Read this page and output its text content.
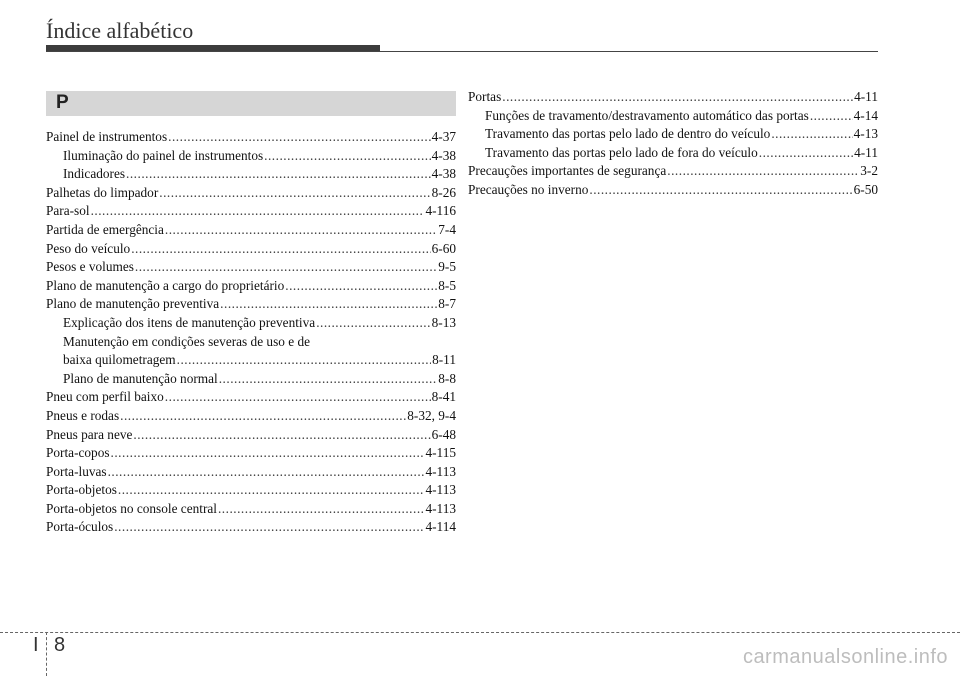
Índice alfabético
P
Painel de instrumentos .....	4-37
Iluminação do painel de instrumentos .....	4-38
Indicadores .....	4-38
Palhetas do limpador .....	8-26
Para-sol .....	4-116
Partida de emergência .....	7-4
Peso do veículo .....	6-60
Pesos e volumes .....	9-5
Plano de manutenção a cargo do proprietário .....	8-5
Plano de manutenção preventiva .....	8-7
Explicação dos itens de manutenção preventiva .....	8-13
Manutenção em condições severas de uso e de
baixa quilometragem .....	8-11
Plano de manutenção normal .....	8-8
Pneu com perfil baixo .....	8-41
Pneus e rodas .....	8-32, 9-4
Pneus para neve .....	6-48
Porta-copos .....	4-115
Porta-luvas .....	4-113
Porta-objetos .....	4-113
Porta-objetos no console central .....	4-113
Porta-óculos .....	4-114
Portas .....	4-11
Funções de travamento/destravamento automático das portas .....	4-14
Travamento das portas pelo lado de dentro do veículo .....	4-13
Travamento das portas pelo lado de fora do veículo .....	4-11
Precauções importantes de segurança .....	3-2
Precauções no inverno .....	6-50
I 8
carmanualsonline.info
